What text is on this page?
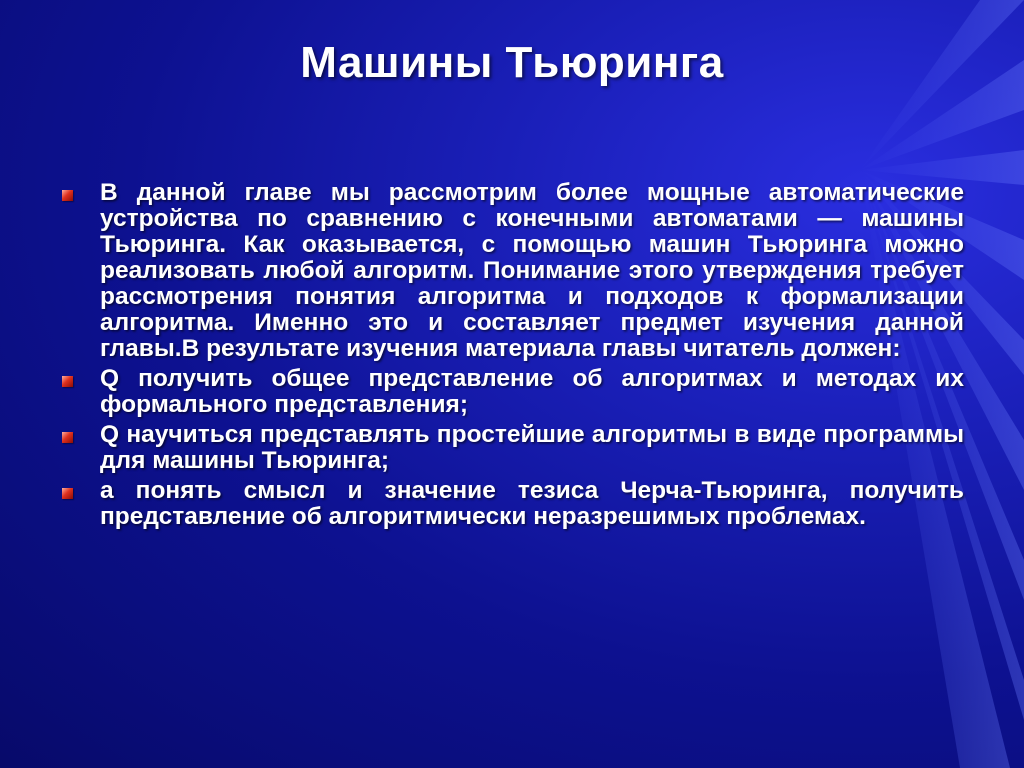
Машины Тьюринга
В данной главе мы рассмотрим более мощные автоматические устройства по сравнению с конечными автоматами — машины Тьюринга. Как оказывается, с помощью машин Тьюринга можно реализовать любой алгоритм. Понимание этого утверждения требует рассмотрения понятия алгоритма и подходов к формализации алгоритма. Именно это и составляет предмет изучения данной главы.В результате изучения материала главы читатель должен:
Q получить общее представление об алгоритмах и методах их формального представления;
Q научиться представлять простейшие алгоритмы в виде программы для машины Тьюринга;
а понять смысл и значение тезиса Черча-Тьюринга, получить представление об алгоритмически неразрешимых проблемах.
